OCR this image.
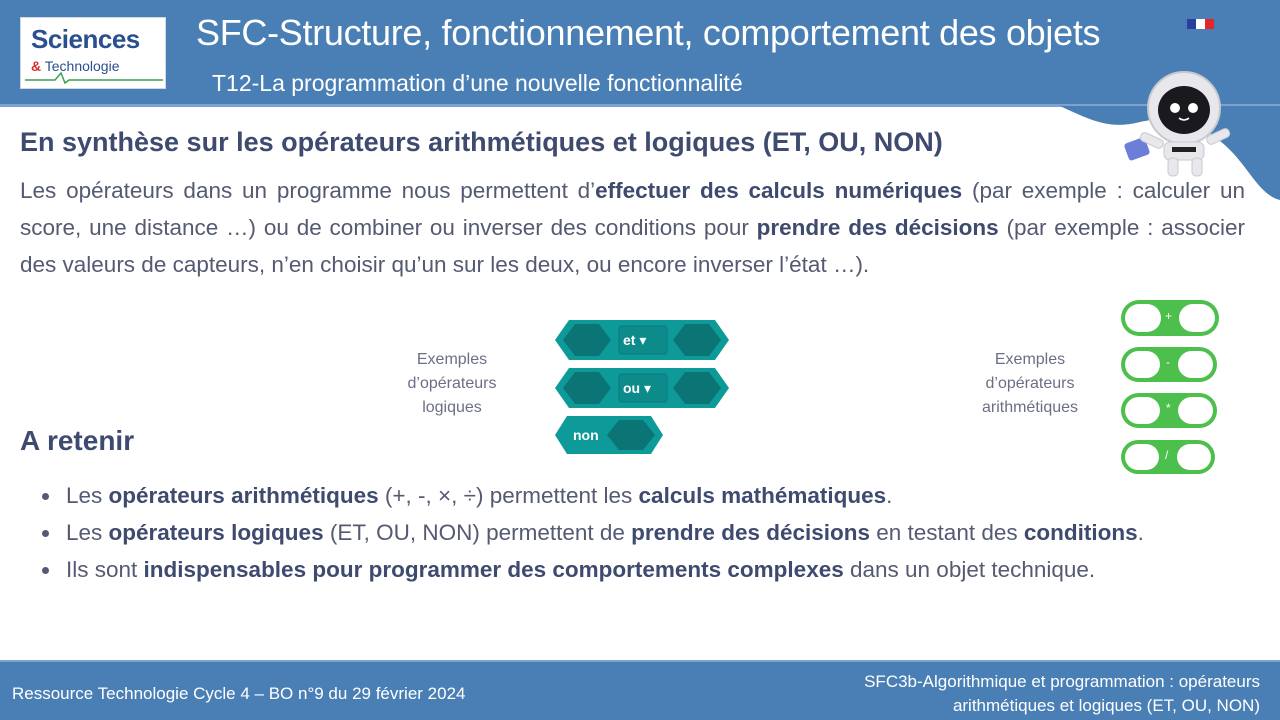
Sciences
& Technologie
SFC-Structure, fonctionnement, comportement des objets
T12-La programmation d’une nouvelle fonctionnalité
En synthèse sur les opérateurs arithmétiques et logiques (ET, OU, NON)

Les opérateurs dans un programme nous permettent d’effectuer des calculs numériques (par exemple : calculer un score, une distance …) ou de combiner ou inverser des conditions pour prendre des décisions (par exemple : associer des valeurs de capteurs, n’en choisir qu’un sur les deux, ou encore inverser l’état …).

Exemples
d’opérateurs
logiques
et ▾
ou ▾
non
Exemples
d’opérateurs
arithmétiques
+
-
*
/
A retenir
Les opérateurs arithmétiques (+, -, ×, ÷) permettent les calculs mathématiques.
Les opérateurs logiques (ET, OU, NON) permettent de prendre des décisions en testant des conditions.
Ils sont indispensables pour programmer des comportements complexes dans un objet technique.
Ressource Technologie Cycle 4 – BO n°9 du 29 février 2024
SFC3b-Algorithmique et programmation : opérateurs
arithmétiques et logiques (ET, OU, NON)
